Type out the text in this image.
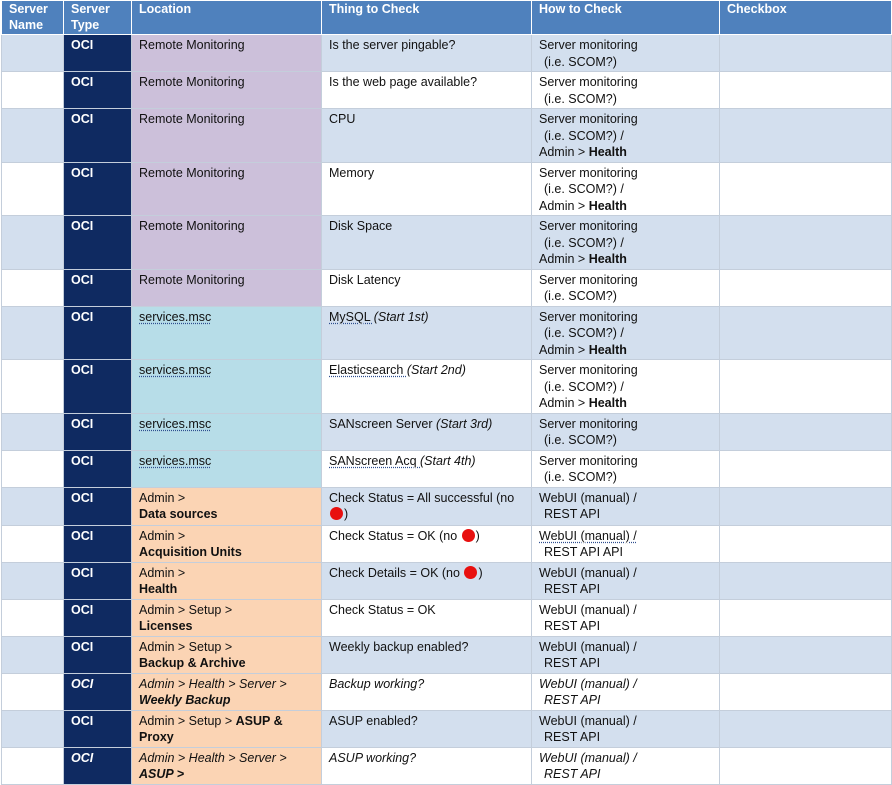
Server Name	Server Type	Location	Thing to Check	How to Check	Checkbox
	OCI	Remote Monitoring	Is the server pingable?	Server monitoring
(i.e. SCOM?)	

	OCI	Remote Monitoring	Is the web page available?	Server monitoring
(i.e. SCOM?)	

	OCI	Remote Monitoring	CPU	Server monitoring
(i.e. SCOM?) /
Admin > Health	

	OCI	Remote Monitoring	Memory	Server monitoring
(i.e. SCOM?) /
Admin > Health	

	OCI	Remote Monitoring	Disk Space	Server monitoring
(i.e. SCOM?) /
Admin > Health	

	OCI	Remote Monitoring	Disk Latency	Server monitoring
(i.e. SCOM?)	

	OCI	services.msc	MySQL (Start 1st)	Server monitoring
(i.e. SCOM?) /
Admin > Health	

	OCI	services.msc	Elasticsearch (Start 2nd)	Server monitoring
(i.e. SCOM?) /
Admin > Health	

	OCI	services.msc	SANscreen Server (Start 3rd)	Server monitoring
(i.e. SCOM?)	

	OCI	services.msc	SANscreen Acq (Start 4th)	Server monitoring
(i.e. SCOM?)	

	OCI	Admin >
Data sources	Check Status = All successful (no )	WebUI (manual) /
REST API	

	OCI	Admin >
Acquisition Units	Check Status = OK (no )	WebUI (manual) /
REST API API	

	OCI	Admin >
Health	Check Details = OK (no )	WebUI (manual) /
REST API	

	OCI	Admin > Setup >
Licenses	Check Status = OK	WebUI (manual) /
REST API	

	OCI	Admin > Setup >
Backup & Archive	Weekly backup enabled?	WebUI (manual) /
REST API	

	OCI	Admin > Health > Server >
Weekly Backup	Backup working?	WebUI (manual) /
REST API	

	OCI	Admin > Setup > ASUP & Proxy	ASUP enabled?	WebUI (manual) /
REST API	

	OCI	Admin > Health > Server >
ASUP >	ASUP working?	WebUI (manual) /
REST API	
